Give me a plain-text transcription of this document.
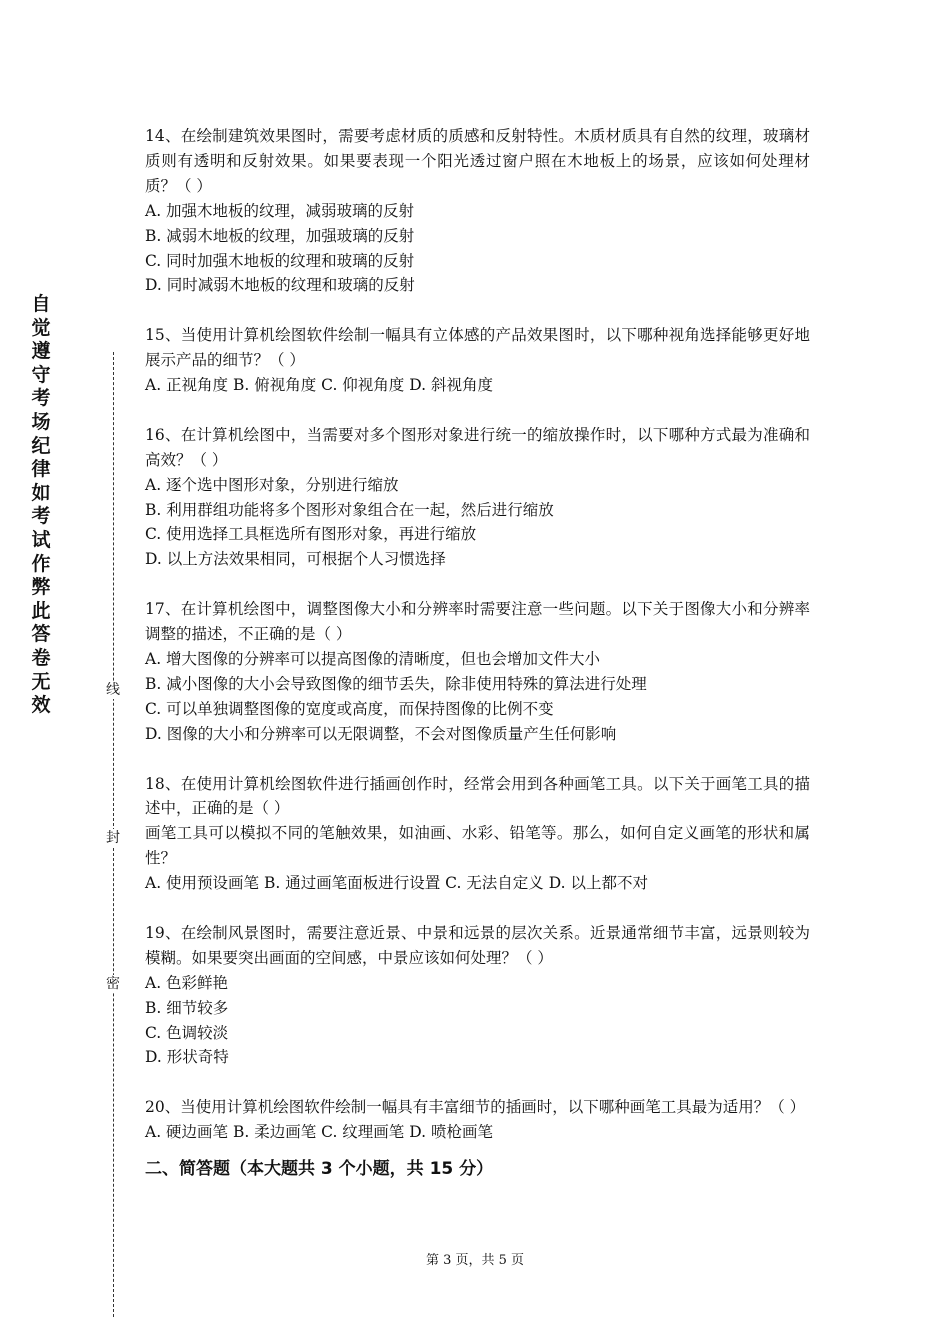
自觉遵守考场纪律如考试作弊此答卷无效
线
封
密

14、在绘制建筑效果图时，需要考虑材质的质感和反射特性。木质材质具有自然的纹理，玻璃材质则有透明和反射效果。如果要表现一个阳光透过窗户照在木地板上的场景，应该如何处理材质？（ ）

A. 加强木地板的纹理，减弱玻璃的反射

B. 减弱木地板的纹理，加强玻璃的反射

C. 同时加强木地板的纹理和玻璃的反射

D. 同时减弱木地板的纹理和玻璃的反射

15、当使用计算机绘图软件绘制一幅具有立体感的产品效果图时，以下哪种视角选择能够更好地展示产品的细节？（ ）

A. 正视角度 B. 俯视角度 C. 仰视角度 D. 斜视角度

16、在计算机绘图中，当需要对多个图形对象进行统一的缩放操作时，以下哪种方式最为准确和高效？（ ）

A. 逐个选中图形对象，分别进行缩放

B. 利用群组功能将多个图形对象组合在一起，然后进行缩放

C. 使用选择工具框选所有图形对象，再进行缩放

D. 以上方法效果相同，可根据个人习惯选择

17、在计算机绘图中，调整图像大小和分辨率时需要注意一些问题。以下关于图像大小和分辨率调整的描述，不正确的是（ ）

A. 增大图像的分辨率可以提高图像的清晰度，但也会增加文件大小

B. 减小图像的大小会导致图像的细节丢失，除非使用特殊的算法进行处理

C. 可以单独调整图像的宽度或高度，而保持图像的比例不变

D. 图像的大小和分辨率可以无限调整，不会对图像质量产生任何影响

18、在使用计算机绘图软件进行插画创作时，经常会用到各种画笔工具。以下关于画笔工具的描述中，正确的是（ ）

画笔工具可以模拟不同的笔触效果，如油画、水彩、铅笔等。那么，如何自定义画笔的形状和属性？

A. 使用预设画笔 B. 通过画笔面板进行设置 C. 无法自定义 D. 以上都不对

19、在绘制风景图时，需要注意近景、中景和远景的层次关系。近景通常细节丰富，远景则较为模糊。如果要突出画面的空间感，中景应该如何处理？（ ）

A. 色彩鲜艳

B. 细节较多

C. 色调较淡

D. 形状奇特

20、当使用计算机绘图软件绘制一幅具有丰富细节的插画时，以下哪种画笔工具最为适用？（ ）

A. 硬边画笔 B. 柔边画笔 C. 纹理画笔 D. 喷枪画笔

二、简答题（本大题共 3 个小题，共 15 分）
第 3 页，共 5 页
